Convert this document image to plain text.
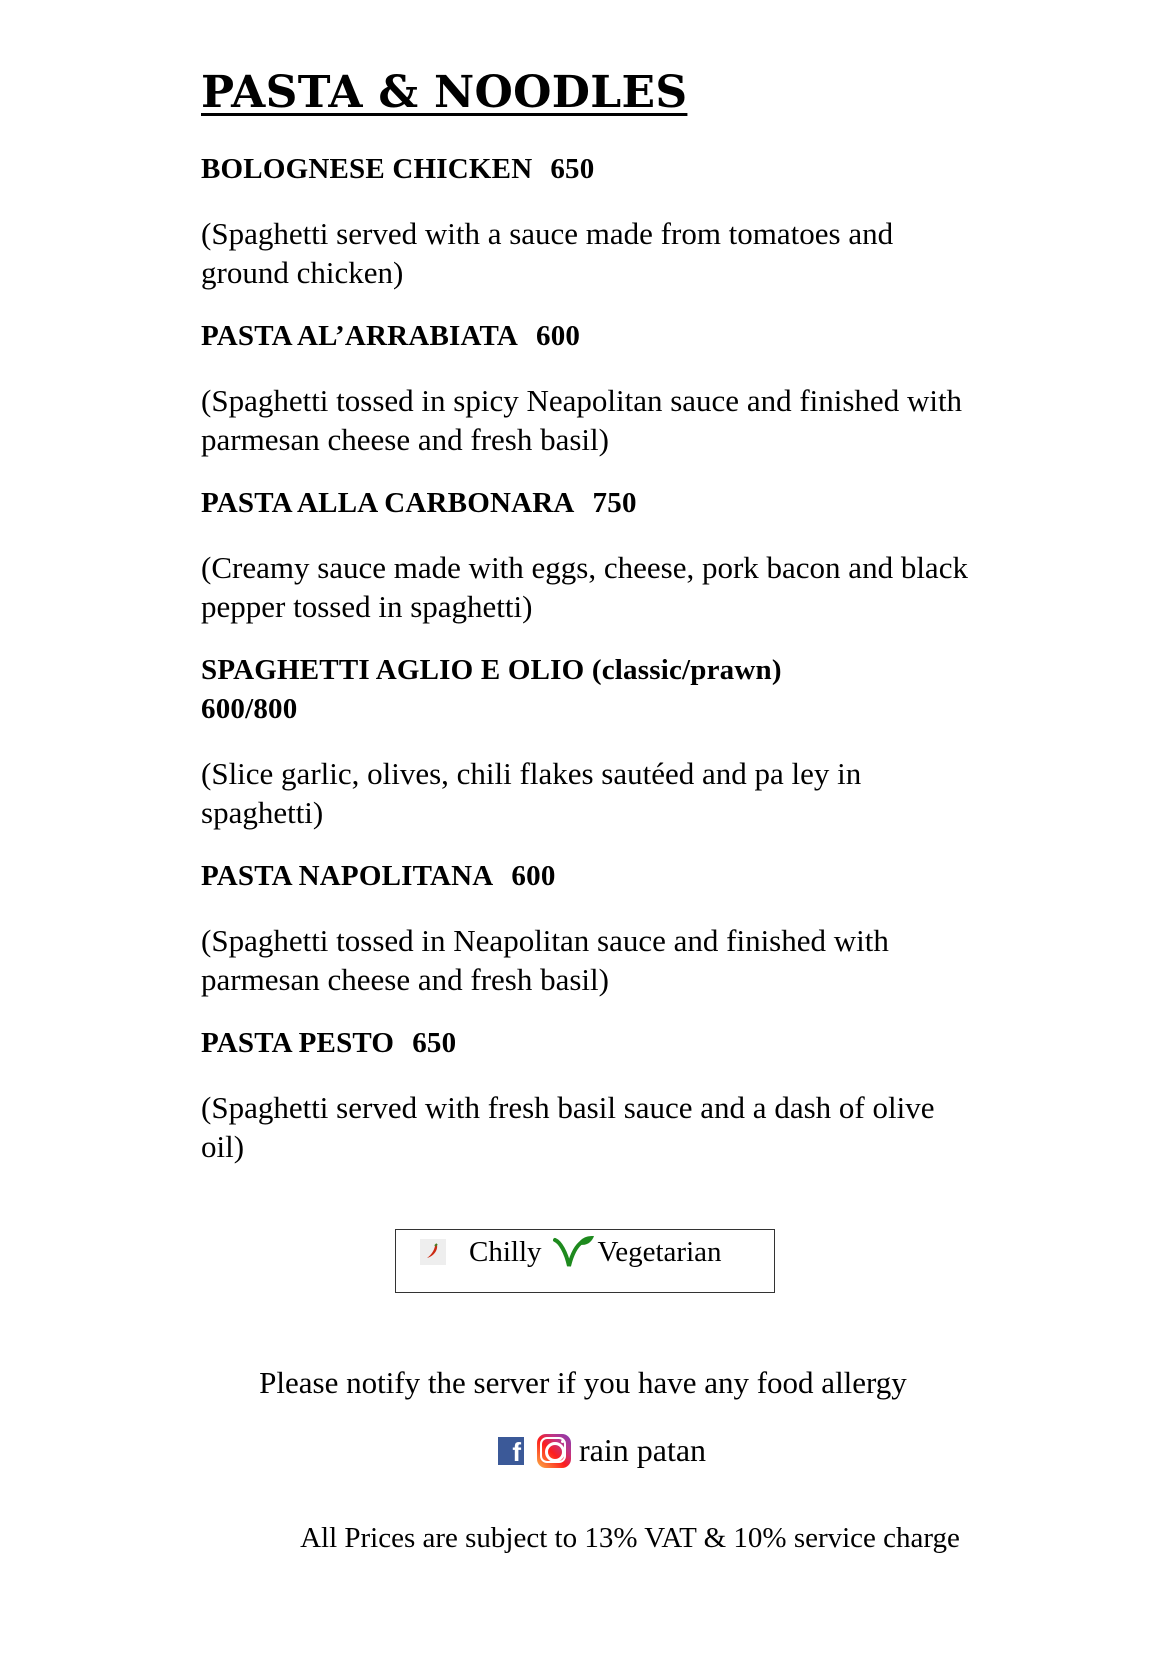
PASTA & NOODLES
BOLOGNESE CHICKEN 650
(Spaghetti served with a sauce made from tomatoes and ground chicken)
PASTA AL’ARRABIATA 600
(Spaghetti tossed in spicy Neapolitan sauce and finished with parmesan cheese and fresh basil)
PASTA ALLA CARBONARA 750
(Creamy sauce made with eggs, cheese, pork bacon and black pepper tossed in spaghetti)
SPAGHETTI AGLIO E OLIO (classic/prawn)
600/800
(Slice garlic, olives, chili flakes sautéed and pa ley in spaghetti)
PASTA NAPOLITANA 600
(Spaghetti tossed in Neapolitan sauce and finished with parmesan cheese and fresh basil)
PASTA PESTO 650
(Spaghetti served with fresh basil sauce and a dash of olive oil)
Chilly Vegetarian
Please notify the server if you have any food allergy
f rain patan
All Prices are subject to 13% VAT & 10% service charge
